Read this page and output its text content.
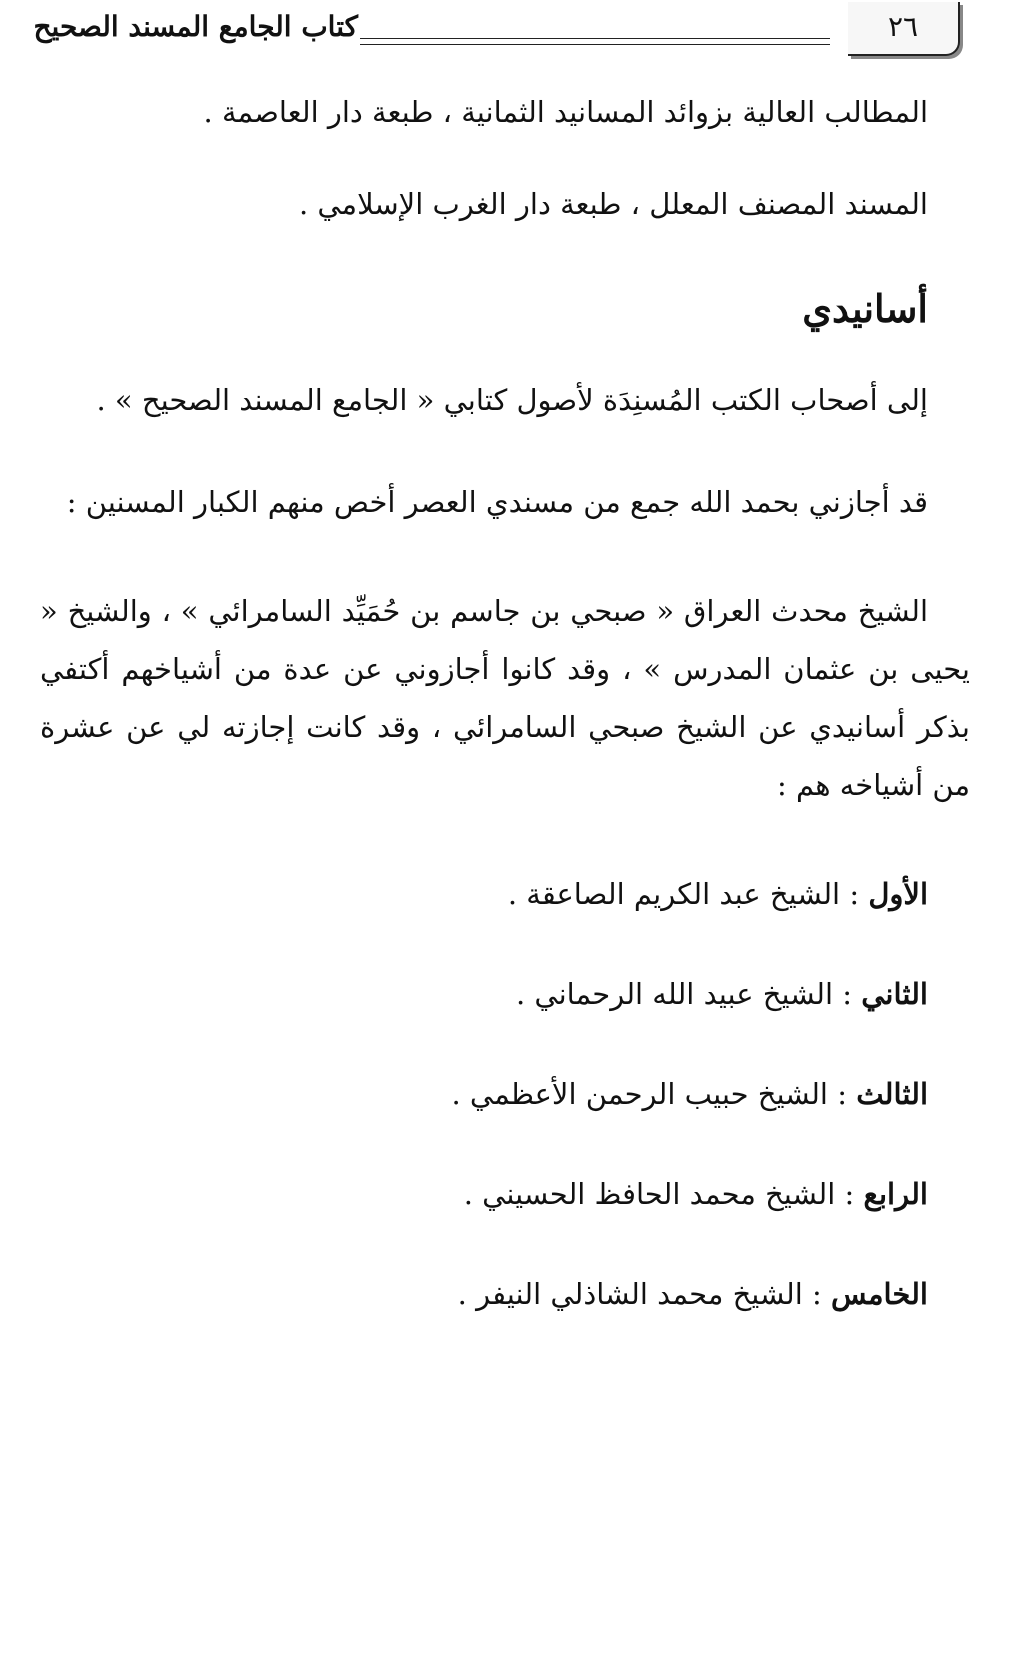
٢٦
كتاب الجامع المسند الصحيح

المطالب العالية بزوائد المسانيد الثمانية ، طبعة دار العاصمة .

المسند المصنف المعلل ، طبعة دار الغرب الإسلامي .

أسانيدي

إلى أصحاب الكتب المُسنِدَة لأصول كتابي « الجامع المسند الصحيح » .

قد أجازني بحمد الله جمع من مسندي العصر أخص منهم الكبار المسنين :

الشيخ محدث العراق « صبحي بن جاسم بن حُمَيِّد السامرائي » ، والشيخ « يحيى بن عثمان المدرس » ، وقد كانوا أجازوني عن عدة من أشياخهم أكتفي بذكر أسانيدي عن الشيخ صبحي السامرائي ، وقد كانت إجازته لي عن عشرة من أشياخه هم :

الأول : الشيخ عبد الكريم الصاعقة .

الثاني : الشيخ عبيد الله الرحماني .

الثالث : الشيخ حبيب الرحمن الأعظمي .

الرابع : الشيخ محمد الحافظ الحسيني .

الخامس : الشيخ محمد الشاذلي النيفر .
